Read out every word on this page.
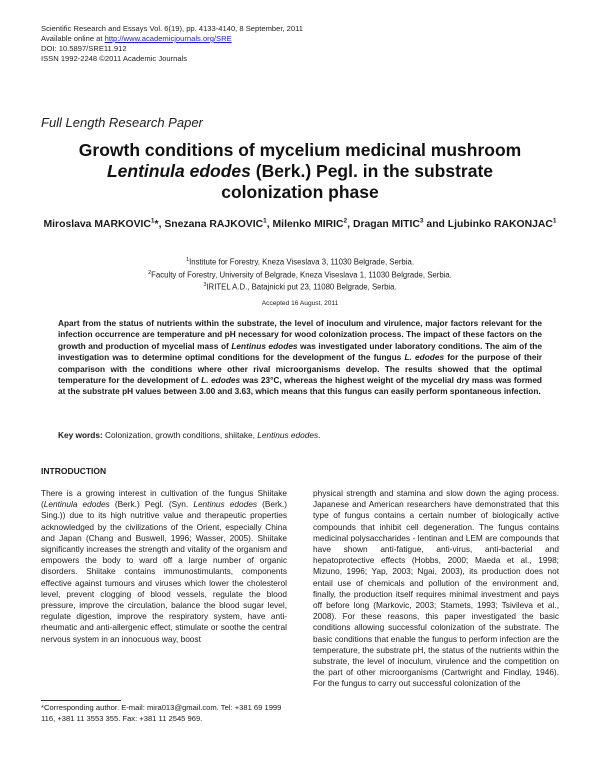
Scientific Research and Essays Vol. 6(19), pp. 4133-4140, 8 September, 2011
Available online at http://www.academicjournals.org/SRE
DOI: 10.5897/SRE11.912
ISSN 1992-2248 ©2011 Academic Journals
Full Length Research Paper
Growth conditions of mycelium medicinal mushroom
Lentinula edodes (Berk.) Pegl. in the substrate
colonization phase
Miroslava MARKOVIC$^1$*, Snezana RAJKOVIC$^1$, Milenko MIRIC$^2$, Dragan MITIC$^3$ and Ljubinko RAKONJAC$^1$
$^1$Institute for Forestry, Kneza Viseslava 3, 11030 Belgrade, Serbia.
$^2$Faculty of Forestry, University of Belgrade, Kneza Viseslava 1, 11030 Belgrade, Serbia.
$^3$IRITEL A.D., Batajnicki put 23, 11080 Belgrade, Serbia.
Accepted 16 August, 2011
Apart from the status of nutrients within the substrate, the level of inoculum and virulence, major factors relevant for the infection occurrence are temperature and pH necessary for wood colonization process. The impact of these factors on the growth and production of mycelial mass of Lentinus edodes was investigated under laboratory conditions. The aim of the investigation was to determine optimal conditions for the development of the fungus L. edodes for the purpose of their comparison with the conditions where other rival microorganisms develop. The results showed that the optimal temperature for the development of L. edodes was 23°C, whereas the highest weight of the mycelial dry mass was formed at the substrate pH values between 3.00 and 3.63, which means that this fungus can easily perform spontaneous infection.
Key words: Colonization, growth conditions, shiitake, Lentinus edodes.
INTRODUCTION
There is a growing interest in cultivation of the fungus Shiitake (Lentinula edodes (Berk.) Pegl. (Syn. Lentinus edodes (Berk.) Sing.)) due to its high nutritive value and therapeutic properties acknowledged by the civilizations of the Orient, especially China and Japan (Chang and Buswell, 1996; Wasser, 2005). Shiitake significantly increases the strength and vitality of the organism and empowers the body to ward off a large number of organic disorders. Shiitake contains immunostimulants, components effective against tumours and viruses which lower the cholesterol level, prevent clogging of blood vessels, regulate the blood pressure, improve the circulation, balance the blood sugar level, regulate digestion, improve the respiratory system, have anti-rheumatic and anti-allergenic effect, stimulate or soothe the central nervous system in an innocuous way, boost
physical strength and stamina and slow down the aging process. Japanese and American researchers have demonstrated that this type of fungus contains a certain number of biologically active compounds that inhibit cell degeneration. The fungus contains medicinal polysaccharides - lentinan and LEM are compounds that have shown anti-fatigue, anti-virus, anti-bacterial and hepatoprotective effects (Hobbs, 2000; Maeda et al., 1998; Mizuno, 1996; Yap, 2003; Ngai, 2003), its production does not entail use of chemicals and pollution of the environment and, finally, the production itself requires minimal investment and pays off before long (Markovic, 2003; Stamets, 1993; Tsivileva et al., 2008). For these reasons, this paper investigated the basic conditions allowing successful colonization of the substrate. The basic conditions that enable the fungus to perform infection are the temperature, the substrate pH, the status of the nutrients within the substrate, the level of inoculum, virulence and the competition on the part of other microorganisms (Cartwright and Findlay, 1946). For the fungus to carry out successful colonization of the
*Corresponding author. E-mail: mira013@gmail.com. Tel: +381 69 1999 116, +381 11 3553 355. Fax: +381 11 2545 969.
